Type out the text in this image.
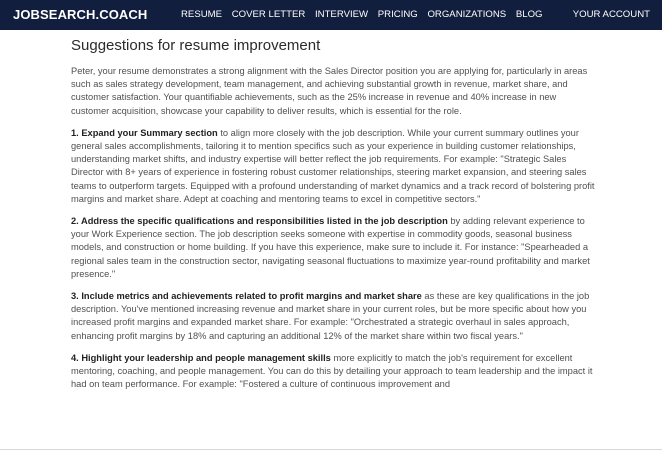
JOBSEARCH.COACH	RESUME COVER LETTER INTERVIEW PRICING ORGANIZATIONS BLOG	YOUR ACCOUNT
Suggestions for resume improvement

Peter, your resume demonstrates a strong alignment with the Sales Director position you are applying for, particularly in areas such as sales strategy development, team management, and achieving substantial growth in revenue, market share, and customer satisfaction. Your quantifiable achievements, such as the 25% increase in revenue and 40% increase in new customer acquisition, showcase your capability to deliver results, which is essential for the role.

1. Expand your Summary section to align more closely with the job description. While your current summary outlines your general sales accomplishments, tailoring it to mention specifics such as your experience in building customer relationships, understanding market shifts, and industry expertise will better reflect the job requirements. For example: "Strategic Sales Director with 8+ years of experience in fostering robust customer relationships, steering market expansion, and steering sales teams to outperform targets. Equipped with a profound understanding of market dynamics and a track record of bolstering profit margins and market share. Adept at coaching and mentoring teams to excel in competitive sectors."

2. Address the specific qualifications and responsibilities listed in the job description by adding relevant experience to your Work Experience section. The job description seeks someone with expertise in commodity goods, seasonal business models, and construction or home building. If you have this experience, make sure to include it. For instance: "Spearheaded a regional sales team in the construction sector, navigating seasonal fluctuations to maximize year-round profitability and market presence."

3. Include metrics and achievements related to profit margins and market share as these are key qualifications in the job description. You've mentioned increasing revenue and market share in your current roles, but be more specific about how you increased profit margins and expanded market share. For example: "Orchestrated a strategic overhaul in sales approach, enhancing profit margins by 18% and capturing an additional 12% of the market share within two fiscal years."

4. Highlight your leadership and people management skills more explicitly to match the job's requirement for excellent mentoring, coaching, and people management. You can do this by detailing your approach to team leadership and the impact it had on team performance. For example: "Fostered a culture of continuous improvement and
